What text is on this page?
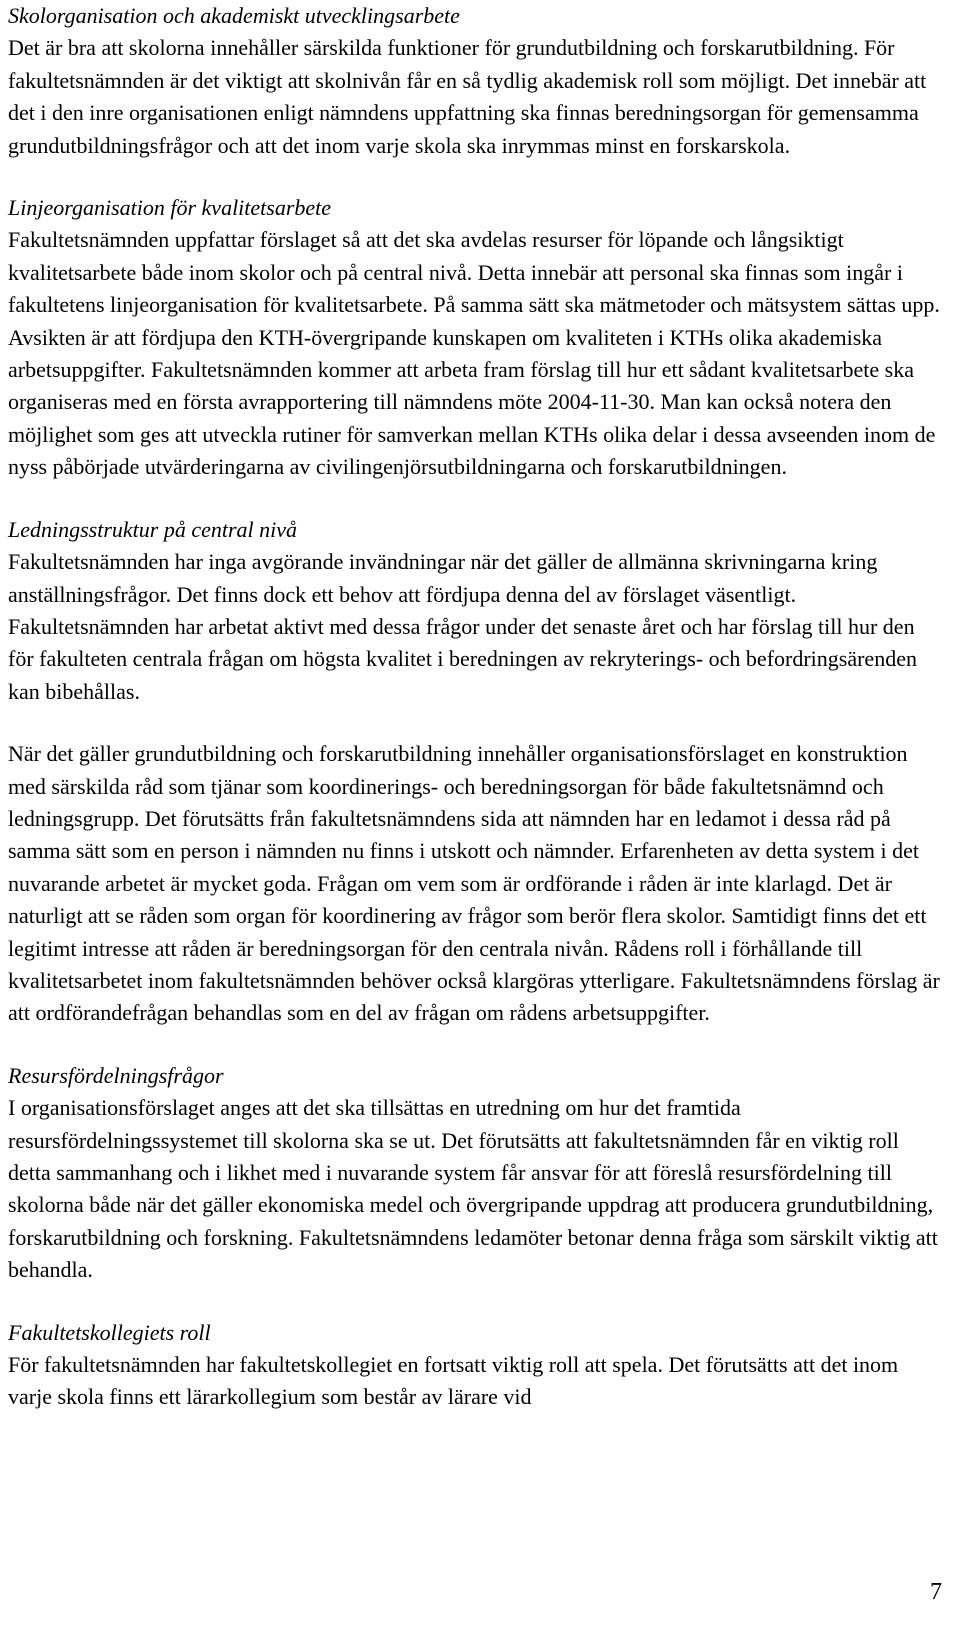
Skolorganisation och akademiskt utvecklingsarbete

Det är bra att skolorna innehåller särskilda funktioner för grundutbildning och forskarutbildning. För fakultetsnämnden är det viktigt att skolnivån får en så tydlig akademisk roll som möjligt. Det innebär att det i den inre organisationen enligt nämndens uppfattning ska finnas beredningsorgan för gemensamma grundutbildningsfrågor och att det inom varje skola ska inrymmas minst en forskarskola.

Linjeorganisation för kvalitetsarbete

Fakultetsnämnden uppfattar förslaget så att det ska avdelas resurser för löpande och långsiktigt kvalitetsarbete både inom skolor och på central nivå. Detta innebär att personal ska finnas som ingår i fakultetens linjeorganisation för kvalitetsarbete. På samma sätt ska mätmetoder och mätsystem sättas upp. Avsikten är att fördjupa den KTH-övergripande kunskapen om kvaliteten i KTHs olika akademiska arbetsuppgifter. Fakultetsnämnden kommer att arbeta fram förslag till hur ett sådant kvalitetsarbete ska organiseras med en första avrapportering till nämndens möte 2004-11-30. Man kan också notera den möjlighet som ges att utveckla rutiner för samverkan mellan KTHs olika delar i dessa avseenden inom de nyss påbörjade utvärderingarna av civilingenjörsutbildningarna och forskarutbildningen.

Ledningsstruktur på central nivå

Fakultetsnämnden har inga avgörande invändningar när det gäller de allmänna skrivningarna kring anställningsfrågor. Det finns dock ett behov att fördjupa denna del av förslaget väsentligt. Fakultetsnämnden har arbetat aktivt med dessa frågor under det senaste året och har förslag till hur den för fakulteten centrala frågan om högsta kvalitet i beredningen av rekryterings- och befordringsärenden kan bibehållas.

När det gäller grundutbildning och forskarutbildning innehåller organisationsförslaget en konstruktion med särskilda råd som tjänar som koordinerings- och beredningsorgan för både fakultetsnämnd och ledningsgrupp. Det förutsätts från fakultetsnämndens sida att nämnden har en ledamot i dessa råd på samma sätt som en person i nämnden nu finns i utskott och nämnder. Erfarenheten av detta system i det nuvarande arbetet är mycket goda. Frågan om vem som är ordförande i råden är inte klarlagd. Det är naturligt att se råden som organ för koordinering av frågor som berör flera skolor. Samtidigt finns det ett legitimt intresse att råden är beredningsorgan för den centrala nivån. Rådens roll i förhållande till kvalitetsarbetet inom fakultetsnämnden behöver också klargöras ytterligare. Fakultetsnämndens förslag är att ordförandefrågan behandlas som en del av frågan om rådens arbetsuppgifter.

Resursfördelningsfrågor

I organisationsförslaget anges att det ska tillsättas en utredning om hur det framtida resursfördelningssystemet till skolorna ska se ut. Det förutsätts att fakultetsnämnden får en viktig roll detta sammanhang och i likhet med i nuvarande system får ansvar för att föreslå resursfördelning till skolorna både när det gäller ekonomiska medel och övergripande uppdrag att producera grundutbildning, forskarutbildning och forskning. Fakultetsnämndens ledamöter betonar denna fråga som särskilt viktig att behandla.

Fakultetskollegiets roll

För fakultetsnämnden har fakultetskollegiet en fortsatt viktig roll att spela. Det förutsätts att det inom varje skola finns ett lärarkollegium som består av lärare vid

7
